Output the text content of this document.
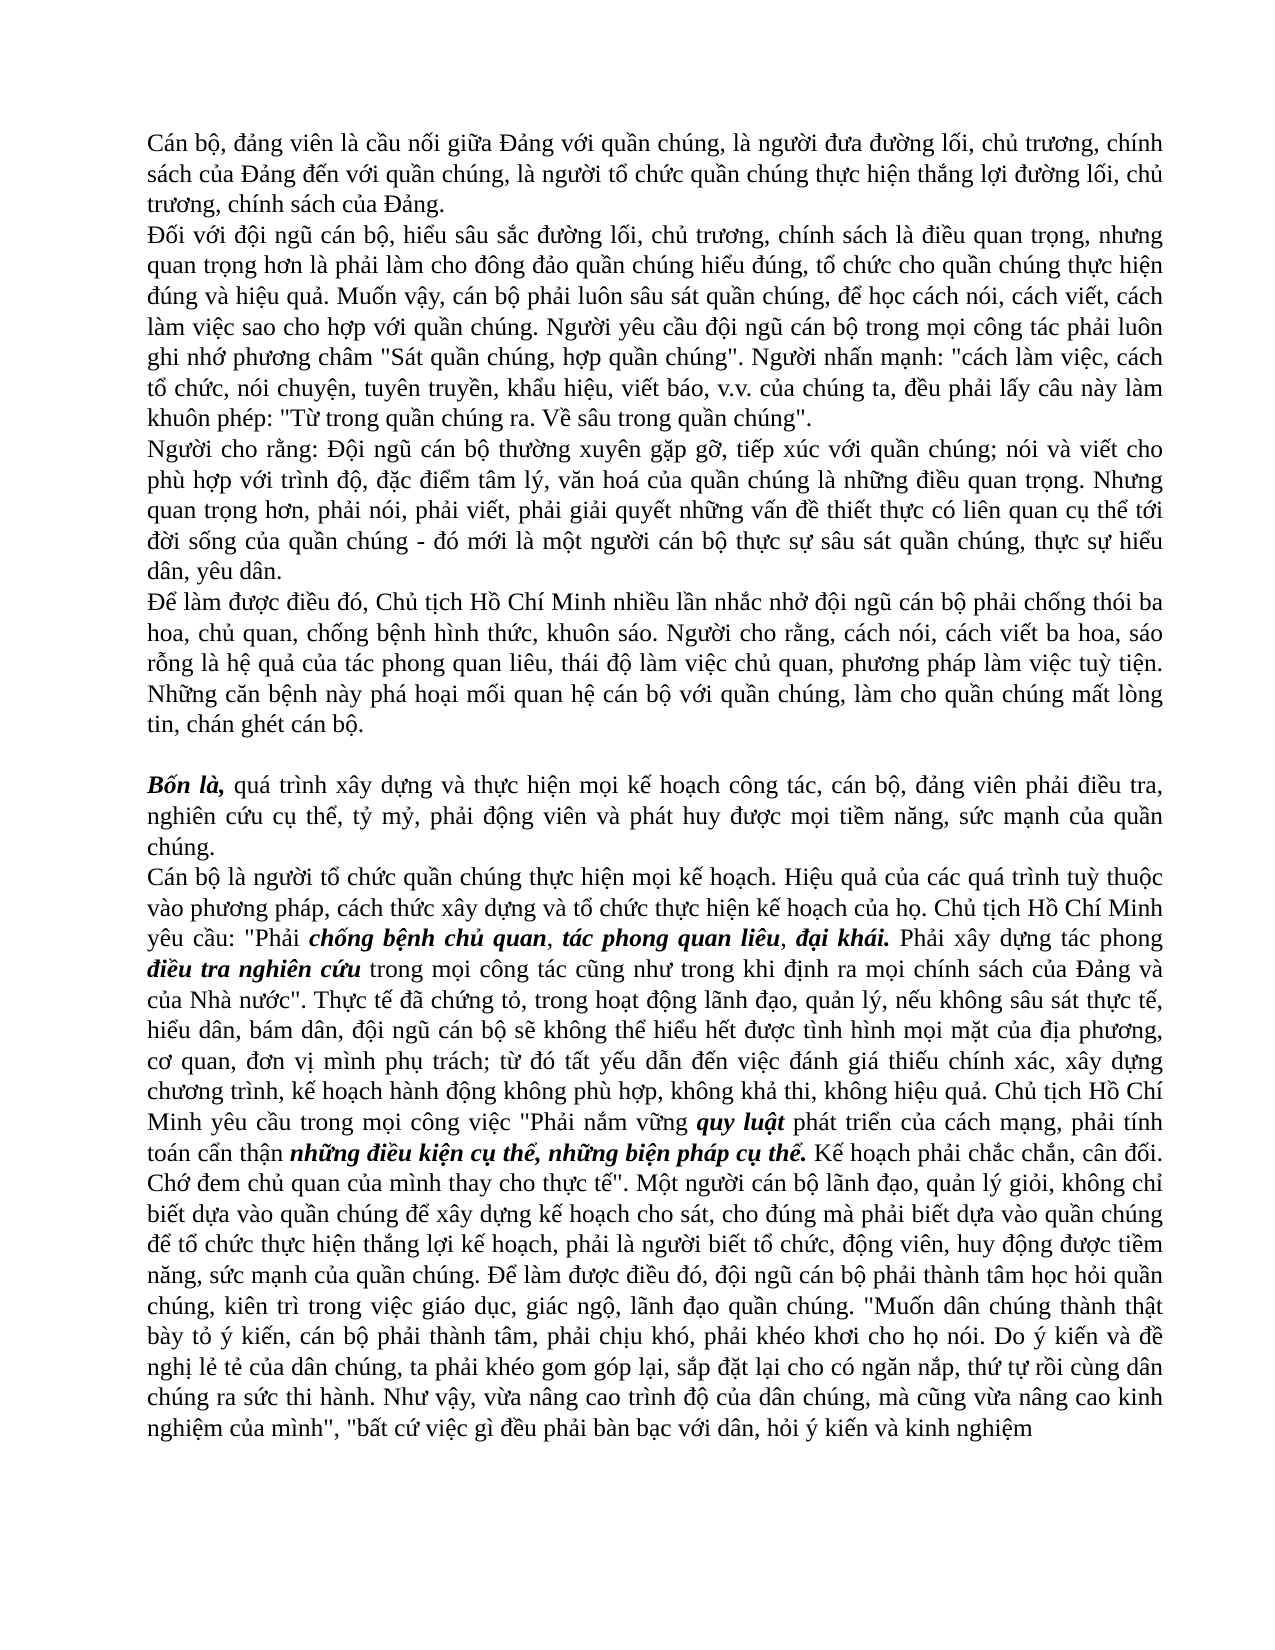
Cán bộ, đảng viên là cầu nối giữa Đảng với quần chúng, là người đưa đường lối, chủ trương, chính sách của Đảng đến với quần chúng, là người tổ chức quần chúng thực hiện thắng lợi đường lối, chủ trương, chính sách của Đảng.

Đối với đội ngũ cán bộ, hiểu sâu sắc đường lối, chủ trương, chính sách là điều quan trọng, nhưng quan trọng hơn là phải làm cho đông đảo quần chúng hiểu đúng, tổ chức cho quần chúng thực hiện đúng và hiệu quả. Muốn vậy, cán bộ phải luôn sâu sát quần chúng, để học cách nói, cách viết, cách làm việc sao cho hợp với quần chúng. Người yêu cầu đội ngũ cán bộ trong mọi công tác phải luôn ghi nhớ phương châm "Sát quần chúng, hợp quần chúng". Người nhấn mạnh: "cách làm việc, cách tổ chức, nói chuyện, tuyên truyền, khẩu hiệu, viết báo, v.v. của chúng ta, đều phải lấy câu này làm khuôn phép: "Từ trong quần chúng ra. Về sâu trong quần chúng".

Người cho rằng: Đội ngũ cán bộ thường xuyên gặp gỡ, tiếp xúc với quần chúng; nói và viết cho phù hợp với trình độ, đặc điểm tâm lý, văn hoá của quần chúng là những điều quan trọng. Nhưng quan trọng hơn, phải nói, phải viết, phải giải quyết những vấn đề thiết thực có liên quan cụ thể tới đời sống của quần chúng - đó mới là một người cán bộ thực sự sâu sát quần chúng, thực sự hiểu dân, yêu dân.

Để làm được điều đó, Chủ tịch Hồ Chí Minh nhiều lần nhắc nhở đội ngũ cán bộ phải chống thói ba hoa, chủ quan, chống bệnh hình thức, khuôn sáo. Người cho rằng, cách nói, cách viết ba hoa, sáo rỗng là hệ quả của tác phong quan liêu, thái độ làm việc chủ quan, phương pháp làm việc tuỳ tiện. Những căn bệnh này phá hoại mối quan hệ cán bộ với quần chúng, làm cho quần chúng mất lòng tin, chán ghét cán bộ.

Bốn là, quá trình xây dựng và thực hiện mọi kế hoạch công tác, cán bộ, đảng viên phải điều tra, nghiên cứu cụ thể, tỷ mỷ, phải động viên và phát huy được mọi tiềm năng, sức mạnh của quần chúng.

Cán bộ là người tổ chức quần chúng thực hiện mọi kế hoạch. Hiệu quả của các quá trình tuỳ thuộc vào phương pháp, cách thức xây dựng và tổ chức thực hiện kế hoạch của họ. Chủ tịch Hồ Chí Minh yêu cầu: "Phải chống bệnh chủ quan, tác phong quan liêu, đại khái. Phải xây dựng tác phong điều tra nghiên cứu trong mọi công tác cũng như trong khi định ra mọi chính sách của Đảng và của Nhà nước". Thực tế đã chứng tỏ, trong hoạt động lãnh đạo, quản lý, nếu không sâu sát thực tế, hiểu dân, bám dân, đội ngũ cán bộ sẽ không thể hiểu hết được tình hình mọi mặt của địa phương, cơ quan, đơn vị mình phụ trách; từ đó tất yếu dẫn đến việc đánh giá thiếu chính xác, xây dựng chương trình, kế hoạch hành động không phù hợp, không khả thi, không hiệu quả. Chủ tịch Hồ Chí Minh yêu cầu trong mọi công việc "Phải nắm vững quy luật phát triển của cách mạng, phải tính toán cẩn thận những điều kiện cụ thể, những biện pháp cụ thể. Kế hoạch phải chắc chắn, cân đối. Chớ đem chủ quan của mình thay cho thực tế". Một người cán bộ lãnh đạo, quản lý giỏi, không chỉ biết dựa vào quần chúng để xây dựng kế hoạch cho sát, cho đúng mà phải biết dựa vào quần chúng để tổ chức thực hiện thắng lợi kế hoạch, phải là người biết tổ chức, động viên, huy động được tiềm năng, sức mạnh của quần chúng. Để làm được điều đó, đội ngũ cán bộ phải thành tâm học hỏi quần chúng, kiên trì trong việc giáo dục, giác ngộ, lãnh đạo quần chúng. "Muốn dân chúng thành thật bày tỏ ý kiến, cán bộ phải thành tâm, phải chịu khó, phải khéo khơi cho họ nói. Do ý kiến và đề nghị lẻ tẻ của dân chúng, ta phải khéo gom góp lại, sắp đặt lại cho có ngăn nắp, thứ tự rồi cùng dân chúng ra sức thi hành. Như vậy, vừa nâng cao trình độ của dân chúng, mà cũng vừa nâng cao kinh nghiệm của mình", "bất cứ việc gì đều phải bàn bạc với dân, hỏi ý kiến và kinh nghiệm
